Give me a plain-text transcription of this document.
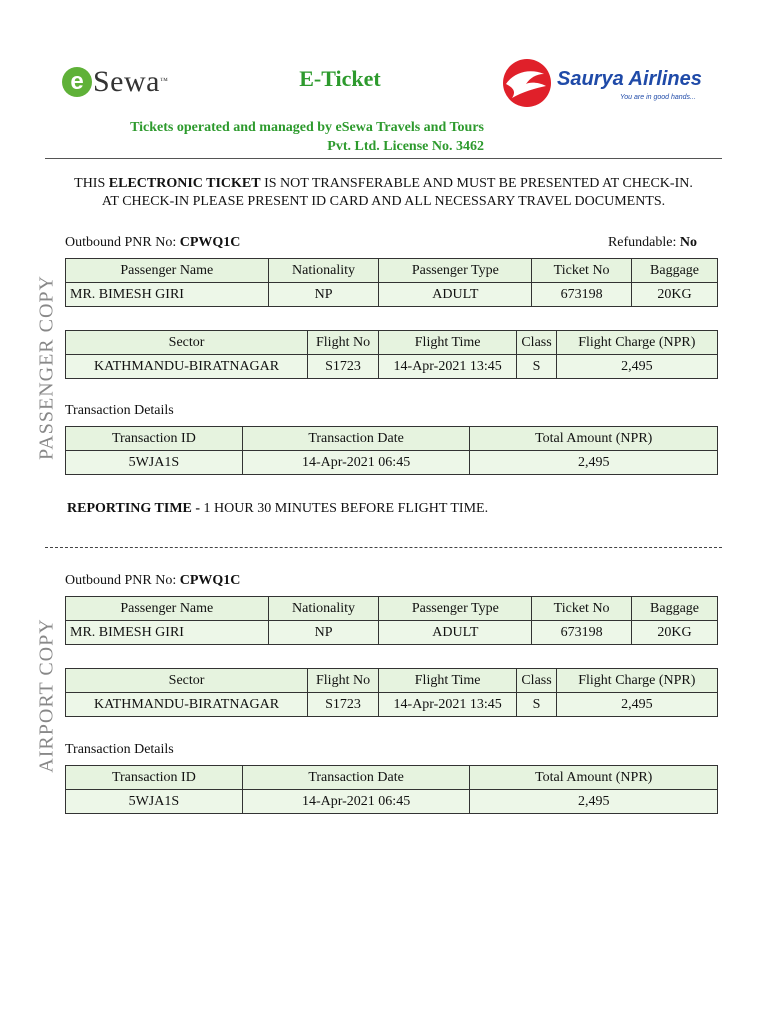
e Sewa ™	E-Ticket	Saurya Airlines
You are in good hands...
Tickets operated and managed by eSewa Travels and Tours
Pvt. Ltd. License No. 3462
THIS ELECTRONIC TICKET IS NOT TRANSFERABLE AND MUST BE PRESENTED AT CHECK-IN.
AT CHECK-IN PLEASE PRESENT ID CARD AND ALL NECESSARY TRAVEL DOCUMENTS.
PASSENGER COPY
Outbound PNR No: CPWQ1C	Refundable: No
Passenger Name	Nationality	Passenger Type	Ticket No	Baggage
MR. BIMESH GIRI	NP	ADULT	673198	20KG
Sector	Flight No	Flight Time	Class	Flight Charge (NPR)
KATHMANDU-BIRATNAGAR	S1723	14-Apr-2021 13:45	S	2,495
Transaction Details
Transaction ID	Transaction Date	Total Amount (NPR)
5WJA1S	14-Apr-2021 06:45	2,495
REPORTING TIME - 1 HOUR 30 MINUTES BEFORE FLIGHT TIME.
AIRPORT COPY
Outbound PNR No: CPWQ1C
Passenger Name	Nationality	Passenger Type	Ticket No	Baggage
MR. BIMESH GIRI	NP	ADULT	673198	20KG
Sector	Flight No	Flight Time	Class	Flight Charge (NPR)
KATHMANDU-BIRATNAGAR	S1723	14-Apr-2021 13:45	S	2,495
Transaction Details
Transaction ID	Transaction Date	Total Amount (NPR)
5WJA1S	14-Apr-2021 06:45	2,495
